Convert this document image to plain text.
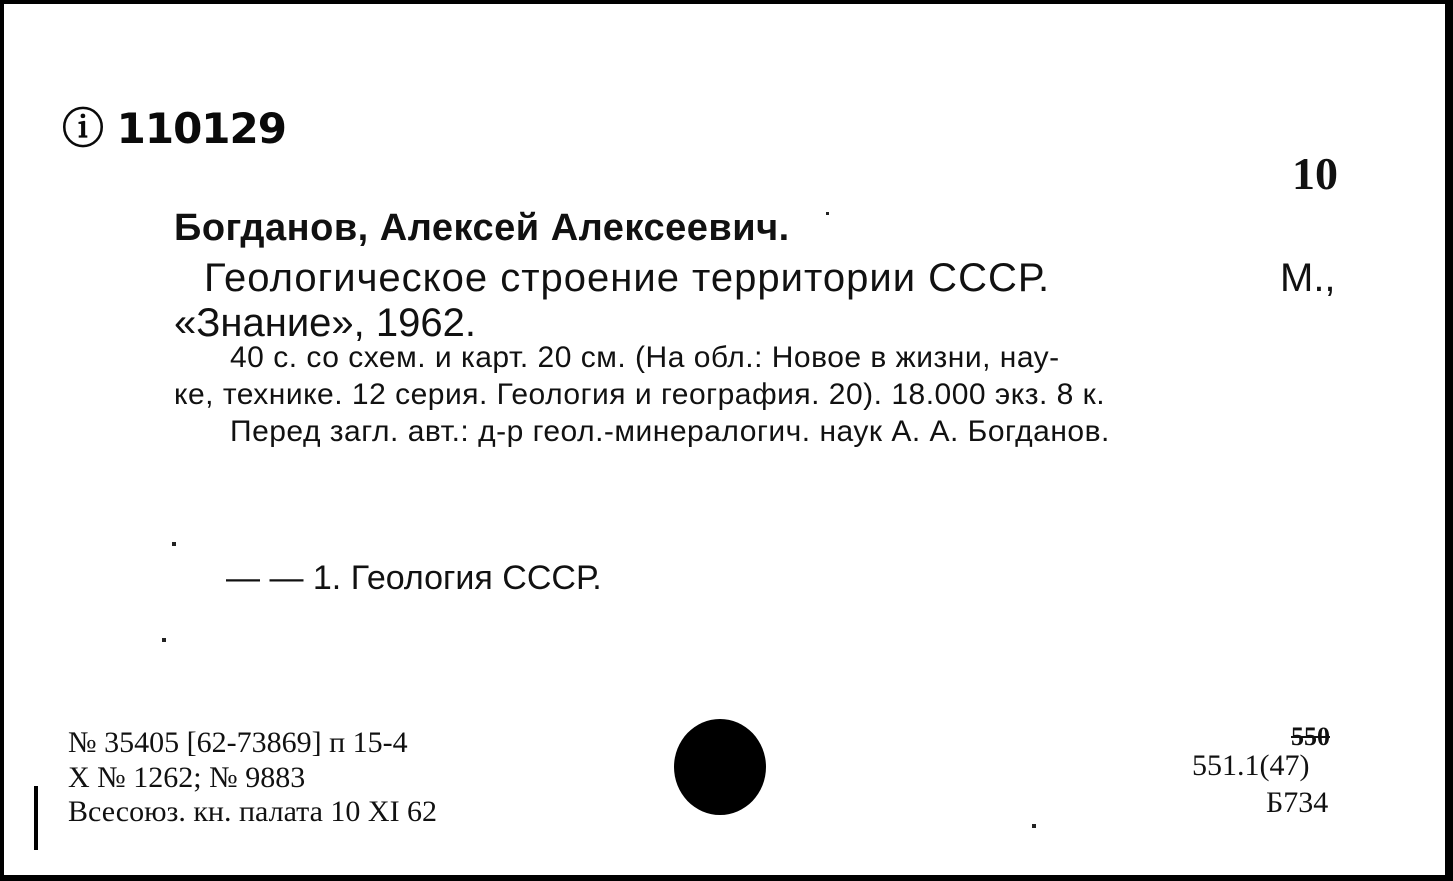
ⓘ 110129
10
Богданов, Алексей Алексеевич.
Геологическое строение территории СССР.	М.,
«Знание», 1962.
40 с. со схем. и карт. 20 см. (На обл.: Новое в жизни, нау-
ке, технике. 12 серия. Геология и география. 20). 18.000 экз. 8 к.
Перед загл. авт.: д-р геол.-минералогич. наук А. А. Богданов.
— — 1. Геология СССР.
№ 35405 [62-73869] п 15-4
X № 1262; № 9883
Всесоюз. кн. палата 10 XI 62
550
551.1(47)
Б734
